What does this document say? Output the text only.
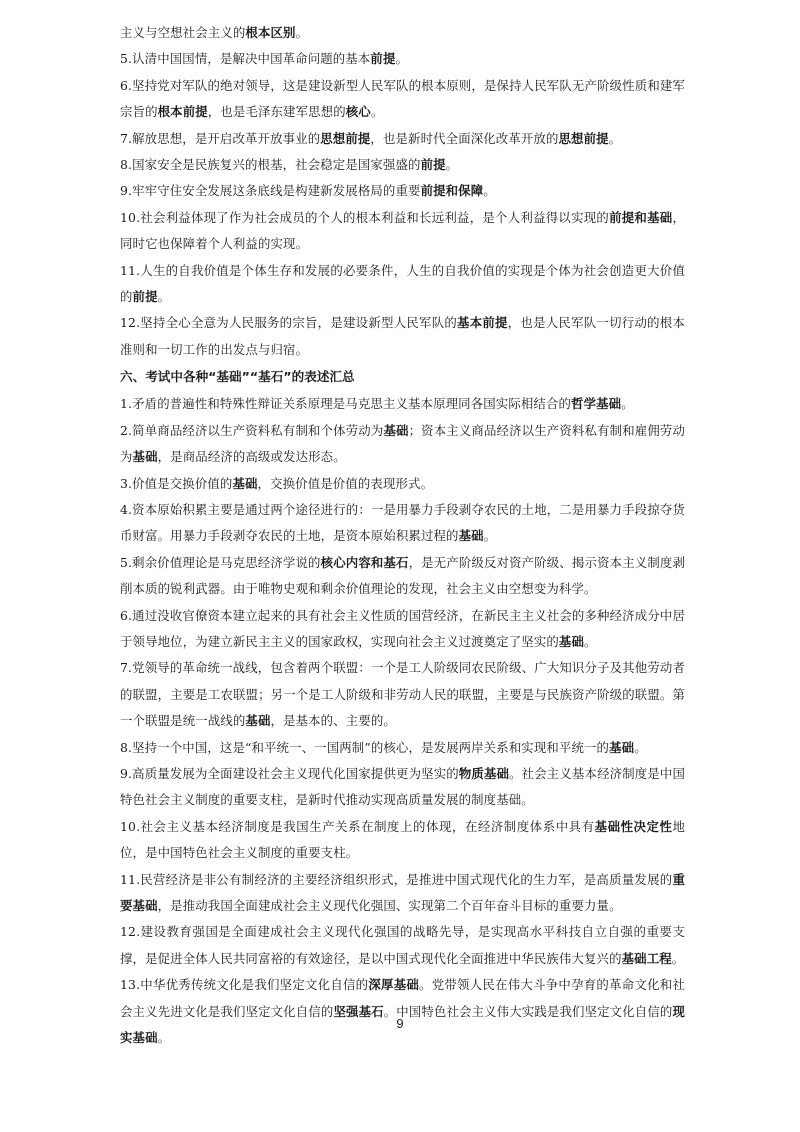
主义与空想社会主义的根本区别。

5.认清中国国情，是解决中国革命问题的基本前提。

6.坚持党对军队的绝对领导，这是建设新型人民军队的根本原则，是保持人民军队无产阶级性质和建军宗旨的根本前提，也是毛泽东建军思想的核心。

7.解放思想，是开启改革开放事业的思想前提，也是新时代全面深化改革开放的思想前提。

8.国家安全是民族复兴的根基，社会稳定是国家强盛的前提。

9.牢牢守住安全发展这条底线是构建新发展格局的重要前提和保障。

10.社会利益体现了作为社会成员的个人的根本利益和长远利益，是个人利益得以实现的前提和基础，同时它也保障着个人利益的实现。

11.人生的自我价值是个体生存和发展的必要条件，人生的自我价值的实现是个体为社会创造更大价值的前提。

12.坚持全心全意为人民服务的宗旨，是建设新型人民军队的基本前提，也是人民军队一切行动的根本准则和一切工作的出发点与归宿。

六、考试中各种“基础”“基石”的表述汇总

1.矛盾的普遍性和特殊性辩证关系原理是马克思主义基本原理同各国实际相结合的哲学基础。

2.简单商品经济以生产资料私有制和个体劳动为基础；资本主义商品经济以生产资料私有制和雇佣劳动为基础，是商品经济的高级或发达形态。

3.价值是交换价值的基础，交换价值是价值的表现形式。

4.资本原始积累主要是通过两个途径进行的：一是用暴力手段剥夺农民的土地，二是用暴力手段掠夺货币财富。用暴力手段剥夺农民的土地，是资本原始积累过程的基础。

5.剩余价值理论是马克思经济学说的核心内容和基石，是无产阶级反对资产阶级、揭示资本主义制度剥削本质的锐利武器。由于唯物史观和剩余价值理论的发现，社会主义由空想变为科学。

6.通过没收官僚资本建立起来的具有社会主义性质的国营经济，在新民主主义社会的多种经济成分中居于领导地位，为建立新民主主义的国家政权，实现向社会主义过渡奠定了坚实的基础。

7.党领导的革命统一战线，包含着两个联盟：一个是工人阶级同农民阶级、广大知识分子及其他劳动者的联盟，主要是工农联盟；另一个是工人阶级和非劳动人民的联盟，主要是与民族资产阶级的联盟。第一个联盟是统一战线的基础，是基本的、主要的。

8.坚持一个中国，这是“和平统一、一国两制”的核心，是发展两岸关系和实现和平统一的基础。

9.高质量发展为全面建设社会主义现代化国家提供更为坚实的物质基础。社会主义基本经济制度是中国特色社会主义制度的重要支柱，是新时代推动实现高质量发展的制度基础。

10.社会主义基本经济制度是我国生产关系在制度上的体现，在经济制度体系中具有基础性决定性地位，是中国特色社会主义制度的重要支柱。

11.民营经济是非公有制经济的主要经济组织形式，是推进中国式现代化的生力军，是高质量发展的重要基础，是推动我国全面建成社会主义现代化强国、实现第二个百年奋斗目标的重要力量。

12.建设教育强国是全面建成社会主义现代化强国的战略先导，是实现高水平科技自立自强的重要支撑，是促进全体人民共同富裕的有效途径，是以中国式现代化全面推进中华民族伟大复兴的基础工程。

13.中华优秀传统文化是我们坚定文化自信的深厚基础。党带领人民在伟大斗争中孕育的革命文化和社会主义先进文化是我们坚定文化自信的坚强基石。中国特色社会主义伟大实践是我们坚定文化自信的现实基础。

9
